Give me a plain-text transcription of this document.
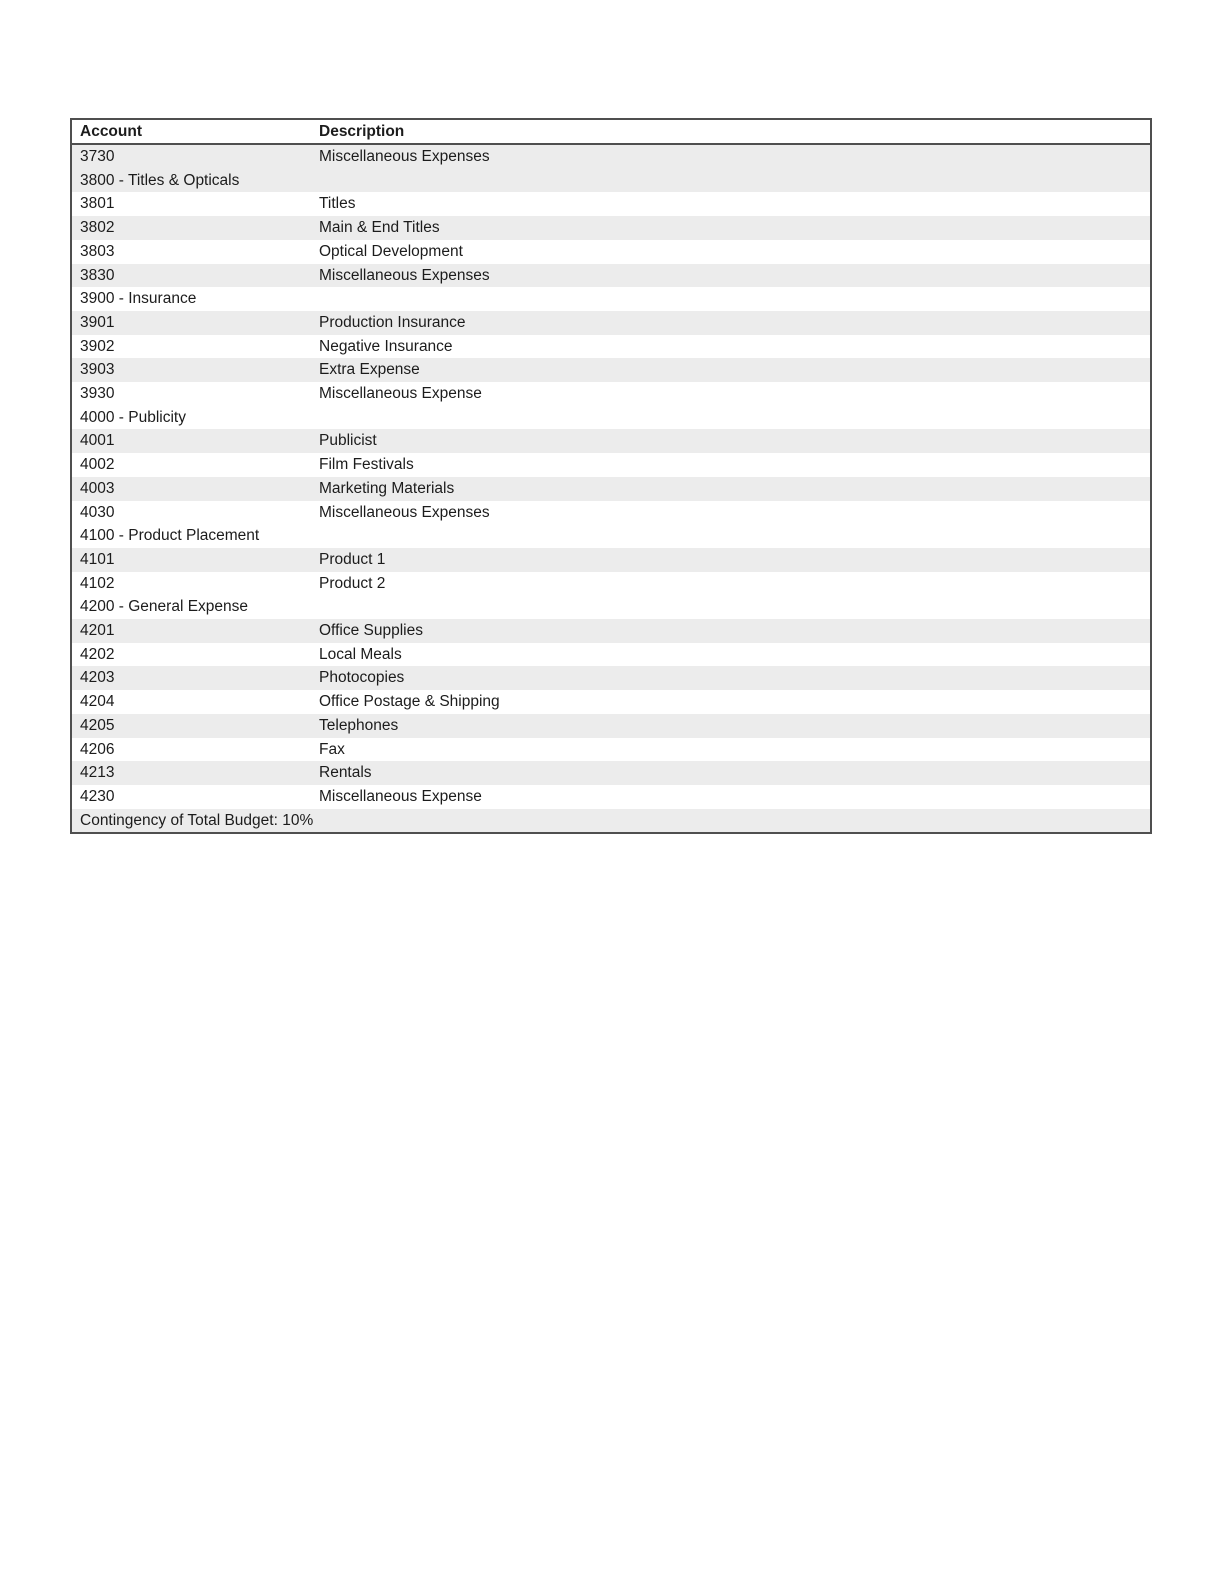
Account	Description
3730	Miscellaneous Expenses
3800 - Titles & Opticals	
3801	Titles
3802	Main & End Titles
3803	Optical Development
3830	Miscellaneous Expenses
3900 - Insurance	
3901	Production Insurance
3902	Negative Insurance
3903	Extra Expense
3930	Miscellaneous Expense
4000 - Publicity	
4001	Publicist
4002	Film Festivals
4003	Marketing Materials
4030	Miscellaneous Expenses
4100 - Product Placement	
4101	Product 1
4102	Product 2
4200 - General Expense	
4201	Office Supplies
4202	Local Meals
4203	Photocopies
4204	Office Postage & Shipping
4205	Telephones
4206	Fax
4213	Rentals
4230	Miscellaneous Expense
Contingency of Total Budget: 10%	
